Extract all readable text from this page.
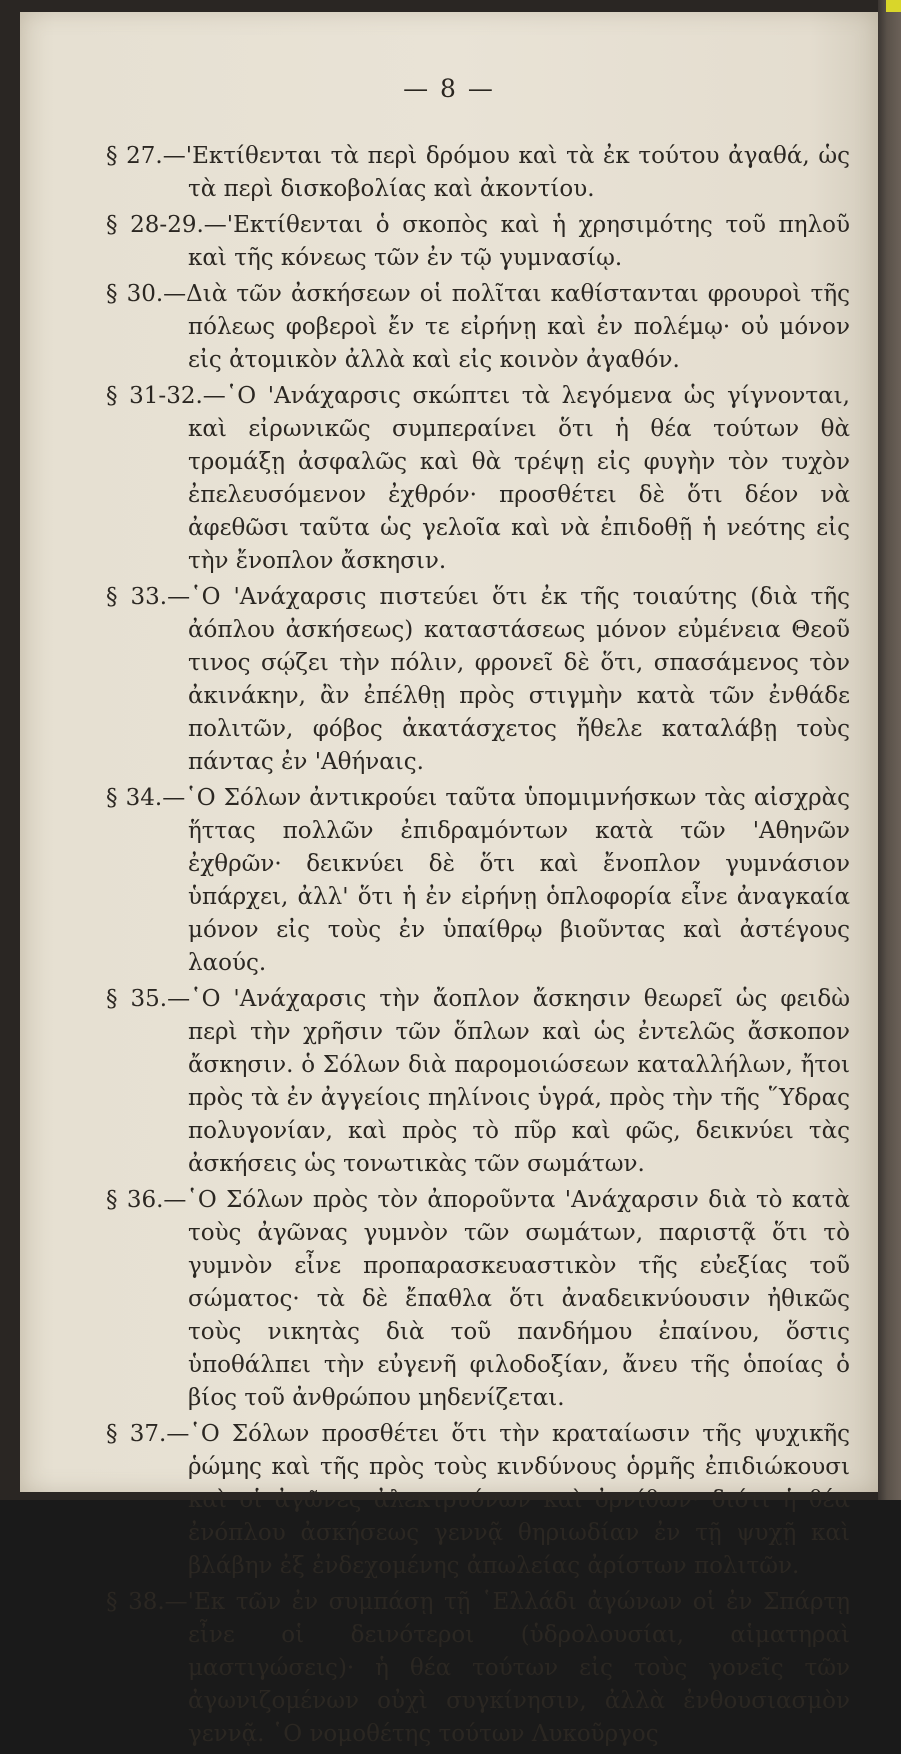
— 8 —

§ 27.—'Εκτίθενται τὰ περὶ δρόμου καὶ τὰ ἐκ τούτου ἀγαθά, ὡς τὰ περὶ δισκοβολίας καὶ ἀκοντίου.

§ 28-29.—'Εκτίθενται ὁ σκοπὸς καὶ ἡ χρησιμότης τοῦ πηλοῦ καὶ τῆς κόνεως τῶν ἐν τῷ γυμνασίῳ.

§ 30.—Διὰ τῶν ἀσκήσεων οἱ πολῖται καθίστανται φρουροὶ τῆς πόλεως φοβεροὶ ἔν τε εἰρήνῃ καὶ ἐν πολέμῳ· οὐ μόνον εἰς ἀτομικὸν ἀλλὰ καὶ εἰς κοινὸν ἀγαθόν.

§ 31-32.—῾Ο 'Ανάχαρσις σκώπτει τὰ λεγόμενα ὡς γίγνονται, καὶ εἰρωνικῶς συμπεραίνει ὅτι ἡ θέα τούτων θὰ τρομάξῃ ἀσφαλῶς καὶ θὰ τρέψῃ εἰς φυγὴν τὸν τυχὸν ἐπελευσόμενον ἐχθρόν· προσθέτει δὲ ὅτι δέον νὰ ἀφεθῶσι ταῦτα ὡς γελοῖα καὶ νὰ ἐπιδοθῇ ἡ νεότης εἰς τὴν ἔνοπλον ἄσκησιν.

§ 33.—῾Ο 'Ανάχαρσις πιστεύει ὅτι ἐκ τῆς τοιαύτης (διὰ τῆς ἀόπλου ἀσκήσεως) καταστάσεως μόνον εὐμένεια Θεοῦ τινος σῴζει τὴν πόλιν, φρονεῖ δὲ ὅτι, σπασάμενος τὸν ἀκινάκην, ἂν ἐπέλθῃ πρὸς στιγμὴν κατὰ τῶν ἐνθάδε πολιτῶν, φόβος ἀκατάσχετος ἤθελε καταλάβῃ τοὺς πάντας ἐν 'Αθήναις.

§ 34.—῾Ο Σόλων ἀντικρούει ταῦτα ὑπομιμνήσκων τὰς αἰσχρὰς ἥττας πολλῶν ἐπιδραμόντων κατὰ τῶν 'Αθηνῶν ἐχθρῶν· δεικνύει δὲ ὅτι καὶ ἔνοπλον γυμνάσιον ὑπάρχει, ἀλλ' ὅτι ἡ ἐν εἰρήνῃ ὁπλοφορία εἶνε ἀναγκαία μόνον εἰς τοὺς ἐν ὑπαίθρῳ βιοῦντας καὶ ἀστέγους λαούς.

§ 35.—῾Ο 'Ανάχαρσις τὴν ἄοπλον ἄσκησιν θεωρεῖ ὡς φειδὼ περὶ τὴν χρῆσιν τῶν ὅπλων καὶ ὡς ἐντελῶς ἄσκοπον ἄσκησιν. ὁ Σόλων διὰ παρομοιώσεων καταλλήλων, ἤτοι πρὸς τὰ ἐν ἀγγείοις πηλίνοις ὑγρά, πρὸς τὴν τῆς ῞Υδρας πολυγονίαν, καὶ πρὸς τὸ πῦρ καὶ φῶς, δεικνύει τὰς ἀσκήσεις ὡς τονωτικὰς τῶν σωμάτων.

§ 36.—῾Ο Σόλων πρὸς τὸν ἀποροῦντα 'Ανάχαρσιν διὰ τὸ κατὰ τοὺς ἀγῶνας γυμνὸν τῶν σωμάτων, παριστᾷ ὅτι τὸ γυμνὸν εἶνε προπαρασκευαστικὸν τῆς εὐεξίας τοῦ σώματος· τὰ δὲ ἔπαθλα ὅτι ἀναδεικνύουσιν ἠθικῶς τοὺς νικητὰς διὰ τοῦ πανδήμου ἐπαίνου, ὅστις ὑποθάλπει τὴν εὐγενῆ φιλοδοξίαν, ἄνευ τῆς ὁποίας ὁ βίος τοῦ ἀνθρώπου μηδενίζεται.

§ 37.—῾Ο Σόλων προσθέτει ὅτι τὴν κραταίωσιν τῆς ψυχικῆς ῥώμης καὶ τῆς πρὸς τοὺς κινδύνους ὁρμῆς ἐπιδιώκουσι καὶ οἱ ἀγῶνες ἀλεκτρυόνων καὶ ὀρνίθων· διότι ἡ θέα ἐνόπλου ἀσκήσεως γεννᾷ θηριωδίαν ἐν τῇ ψυχῇ καὶ βλάβην ἐξ ἐνδεχομένης ἀπωλείας ἀρίστων πολιτῶν.

§ 38.—'Εκ τῶν ἐν συμπάσῃ τῇ ῾Ελλάδι ἀγώνων οἱ ἐν Σπάρτῃ εἶνε οἱ δεινότεροι (ὑδρολουσίαι, αἱματηραὶ μαστιγώσεις)· ἡ θέα τούτων εἰς τοὺς γονεῖς τῶν ἀγωνιζομένων οὐχὶ συγκίνησιν, ἀλλὰ ἐνθουσιασμὸν γεννᾷ. ῾Ο νομοθέτης τούτων Λυκοῦργος
